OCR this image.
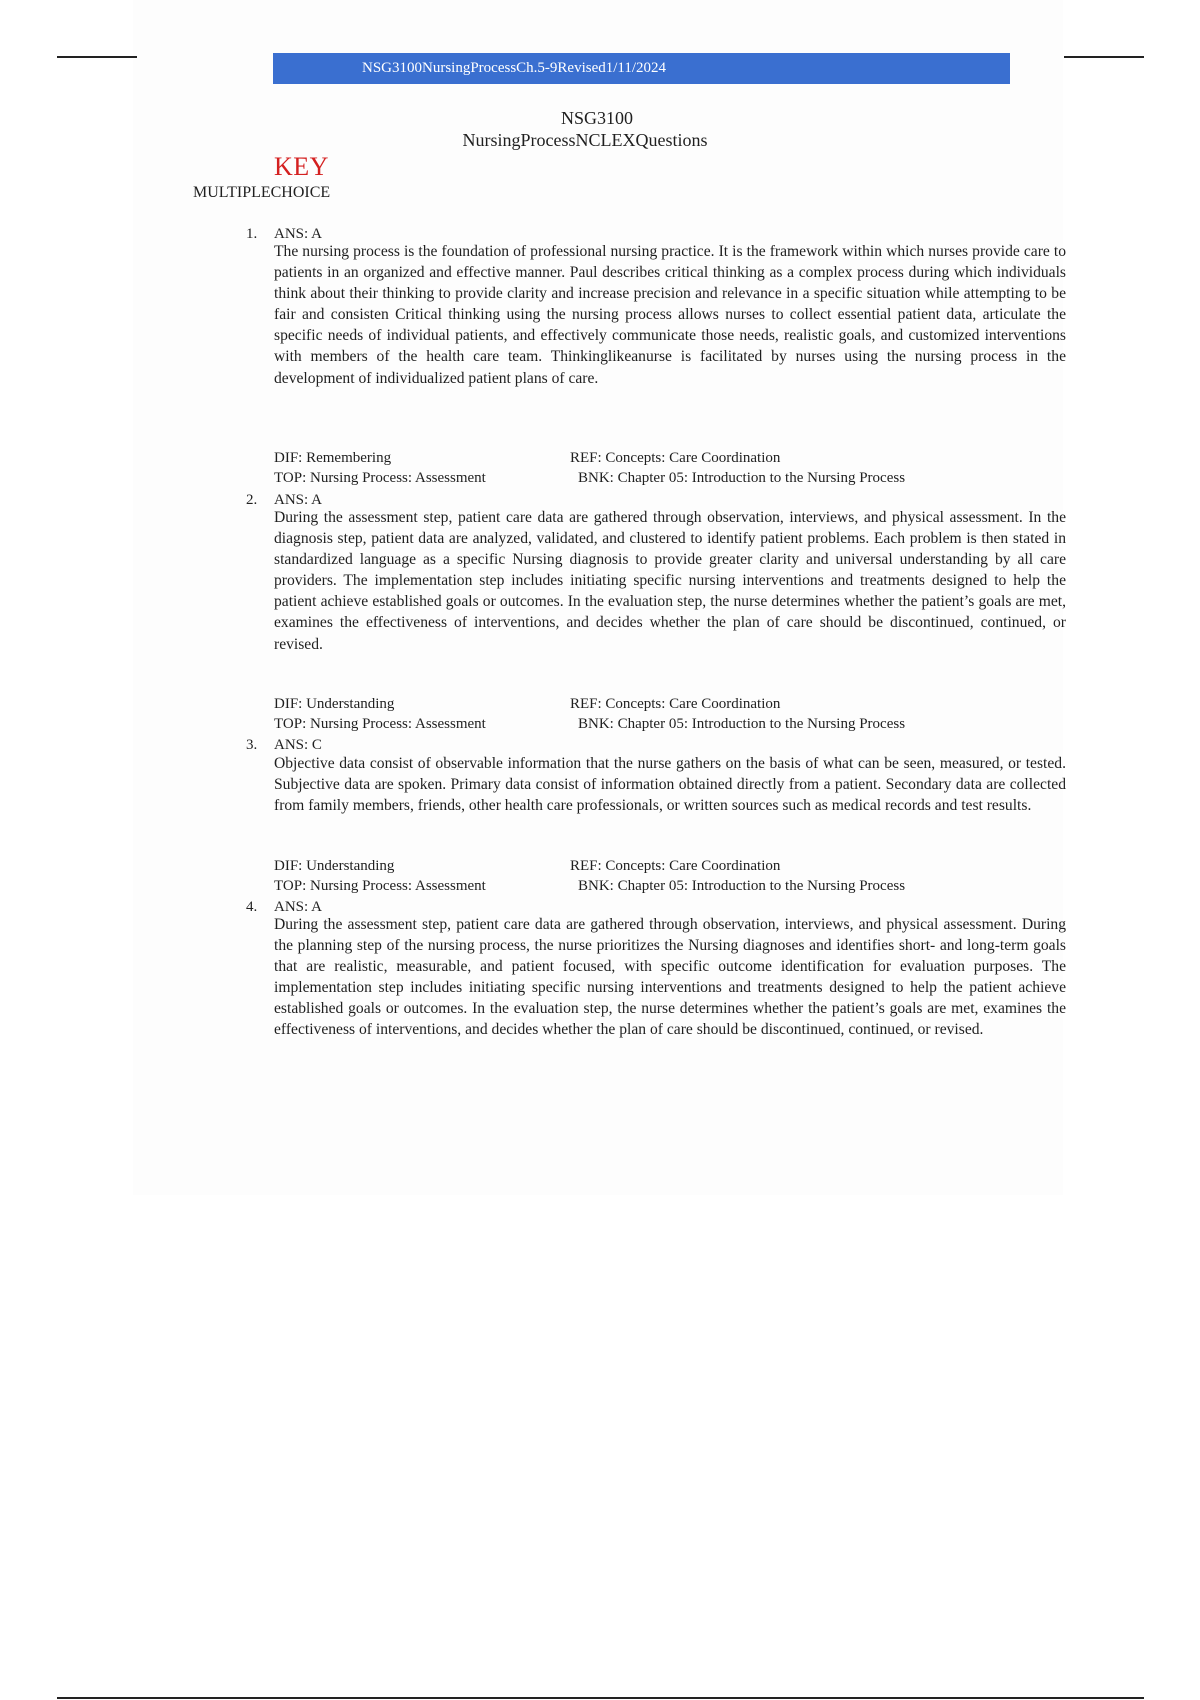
NSG3100NursingProcessCh.5-9Revised1/11/2024
NSG3100
NursingProcessNCLEXQuestions
KEY
MULTIPLECHOICE
1. ANS: A
The nursing process is the foundation of professional nursing practice. It is the framework within which nurses provide care to patients in an organized and effective manner. Paul describes critical thinking as a complex process during which individuals think about their thinking to provide clarity and increase precision and relevance in a specific situation while attempting to be fair and consisten Critical thinking using the nursing process allows nurses to collect essential patient data, articulate the specific needs of individual patients, and effectively communicate those needs, realistic goals, and customized interventions with members of the health care team. Thinkinglikeanurse is facilitated by nurses using the nursing process in the development of individualized patient plans of care.
DIF: Remembering	REF: Concepts: Care Coordination
TOP: Nursing Process: Assessment	BNK: Chapter 05: Introduction to the Nursing Process
2. ANS: A
During the assessment step, patient care data are gathered through observation, interviews, and physical assessment. In the diagnosis step, patient data are analyzed, validated, and clustered to identify patient problems. Each problem is then stated in standardized language as a specific Nursing diagnosis to provide greater clarity and universal understanding by all care providers. The implementation step includes initiating specific nursing interventions and treatments designed to help the patient achieve established goals or outcomes. In the evaluation step, the nurse determines whether the patient’s goals are met, examines the effectiveness of interventions, and decides whether the plan of care should be discontinued, continued, or revised.
DIF: Understanding	REF: Concepts: Care Coordination
TOP: Nursing Process: Assessment	BNK: Chapter 05: Introduction to the Nursing Process
3. ANS: C
Objective data consist of observable information that the nurse gathers on the basis of what can be seen, measured, or tested. Subjective data are spoken. Primary data consist of information obtained directly from a patient. Secondary data are collected from family members, friends, other health care professionals, or written sources such as medical records and test results.
DIF: Understanding	REF: Concepts: Care Coordination
TOP: Nursing Process: Assessment	BNK: Chapter 05: Introduction to the Nursing Process
4. ANS: A
During the assessment step, patient care data are gathered through observation, interviews, and physical assessment. During the planning step of the nursing process, the nurse prioritizes the Nursing diagnoses and identifies short- and long-term goals that are realistic, measurable, and patient focused, with specific outcome identification for evaluation purposes. The implementation step includes initiating specific nursing interventions and treatments designed to help the patient achieve established goals or outcomes. In the evaluation step, the nurse determines whether the patient’s goals are met, examines the effectiveness of interventions, and decides whether the plan of care should be discontinued, continued, or revised.
